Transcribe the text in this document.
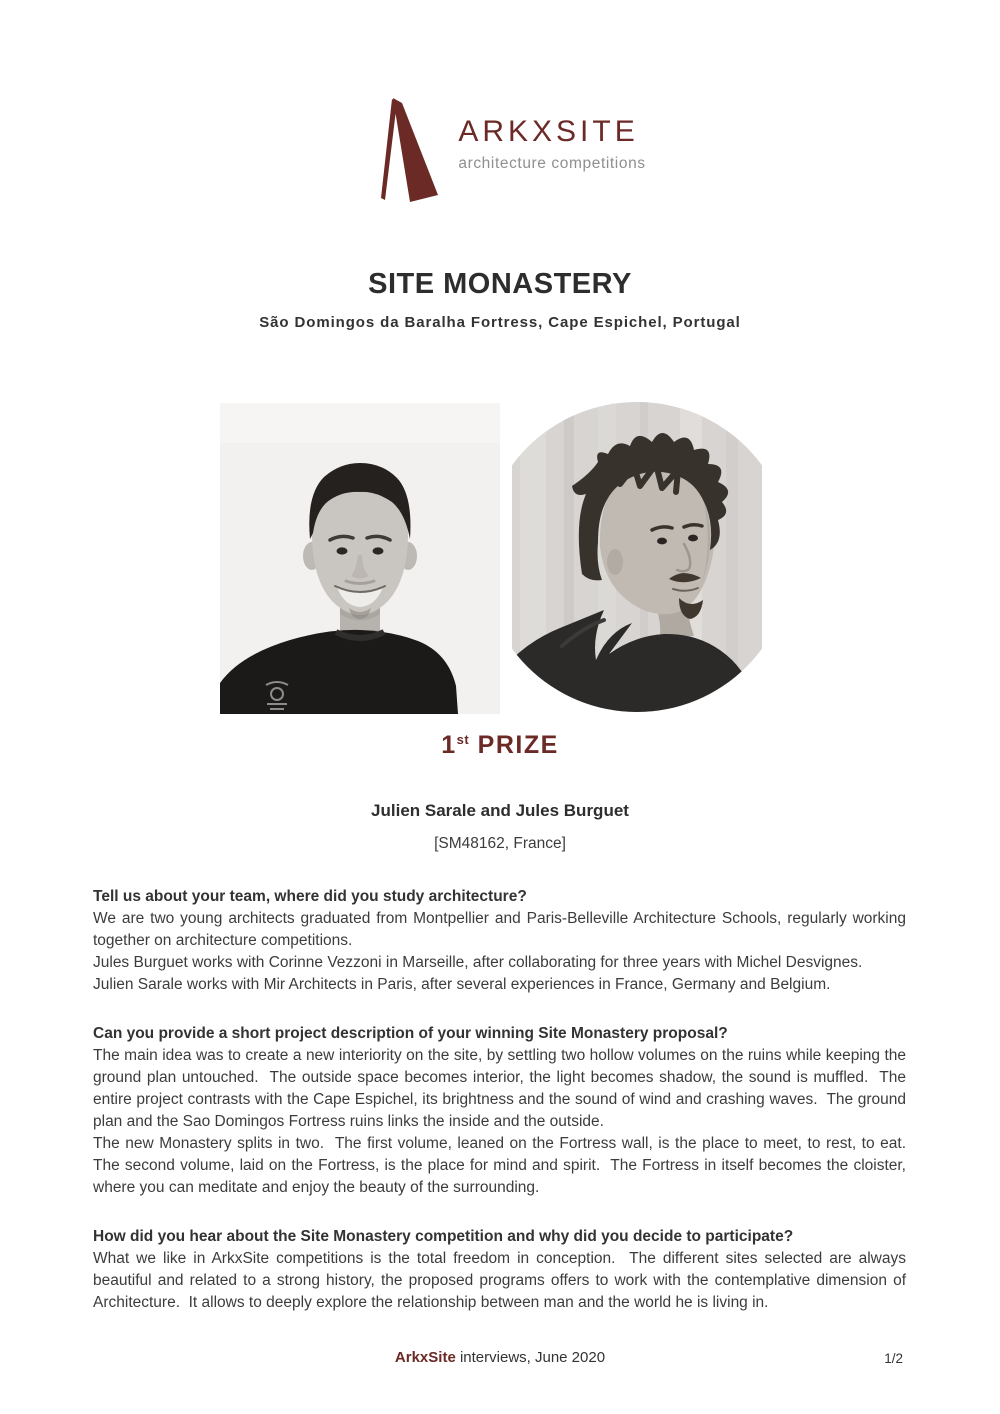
ARKXSITE
architecture competitions
SITE MONASTERY
São Domingos da Baralha Fortress, Cape Espichel, Portugal
1st PRIZE
Julien Sarale and Jules Burguet
[SM48162, France]
Tell us about your team, where did you study architecture?

We are two young architects graduated from Montpellier and Paris-Belleville Architecture Schools, regularly working together on architecture competitions.

Jules Burguet works with Corinne Vezzoni in Marseille, after collaborating for three years with Michel Desvignes.

Julien Sarale works with Mir Architects in Paris, after several experiences in France, Germany and Belgium.

Can you provide a short project description of your winning Site Monastery proposal?

The main idea was to create a new interiority on the site, by settling two hollow volumes on the ruins while keeping the ground plan untouched.  The outside space becomes interior, the light becomes shadow, the sound is muffled.  The entire project contrasts with the Cape Espichel, its brightness and the sound of wind and crashing waves.  The ground plan and the Sao Domingos Fortress ruins links the inside and the outside.

The new Monastery splits in two.  The first volume, leaned on the Fortress wall, is the place to meet, to rest, to eat.  The second volume, laid on the Fortress, is the place for mind and spirit.  The Fortress in itself becomes the cloister, where you can meditate and enjoy the beauty of the surrounding.

How did you hear about the Site Monastery competition and why did you decide to participate?

What we like in ArkxSite competitions is the total freedom in conception.  The different sites selected are always beautiful and related to a strong history, the proposed programs offers to work with the contemplative dimension of Architecture.  It allows to deeply explore the relationship between man and the world he is living in.

ArkxSite interviews, June 2020	1/2
